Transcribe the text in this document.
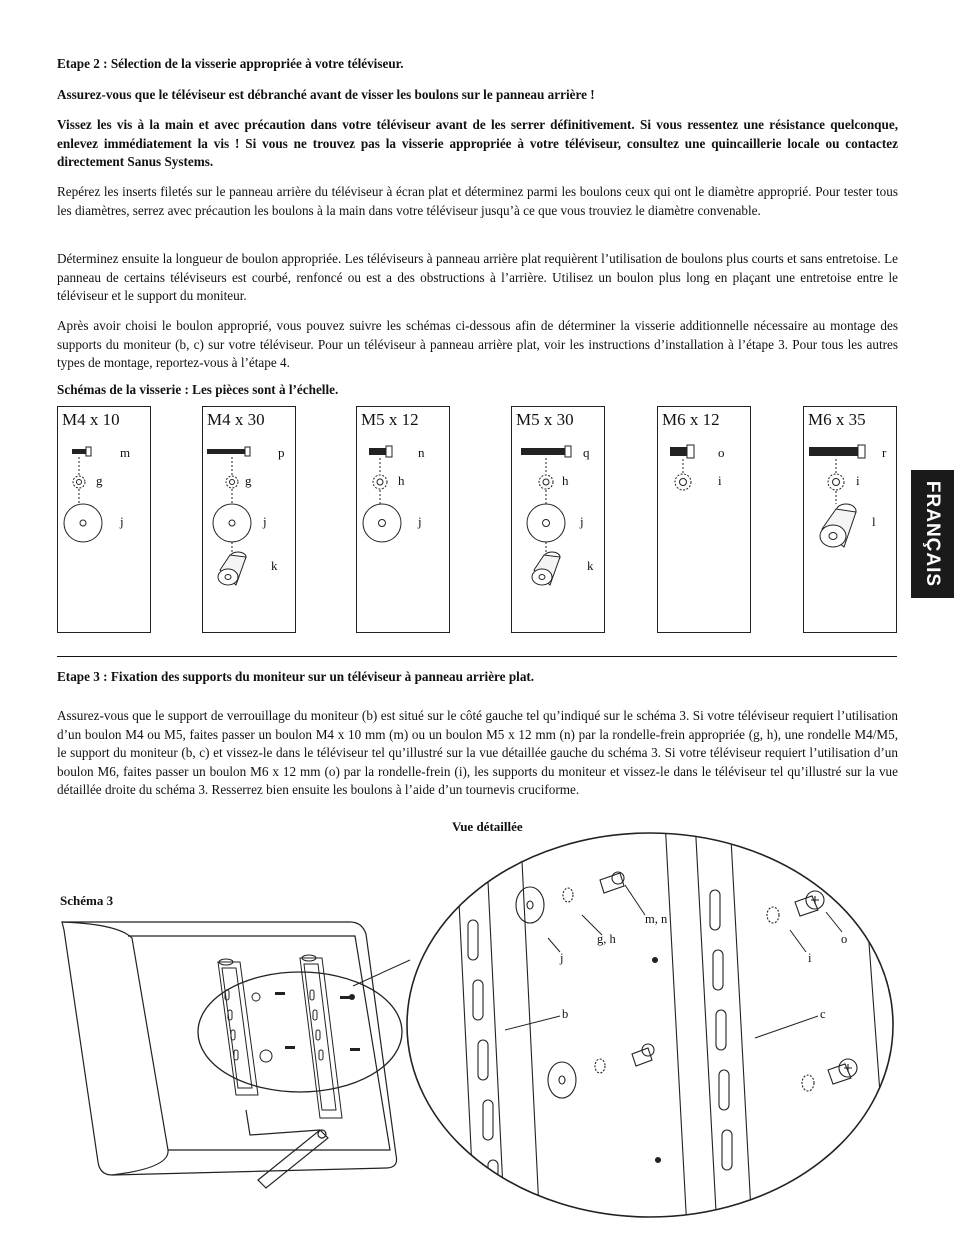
Etape 2 : Sélection de la visserie appropriée à votre téléviseur.

Assurez-vous que le téléviseur est débranché avant de visser les boulons sur le panneau arrière !

Vissez les vis à la main et avec précaution dans votre téléviseur avant de les serrer définitivement. Si vous ressentez une résistance quelconque, enlevez immédiatement la vis ! Si vous ne trouvez pas la visserie appropriée à votre téléviseur, consultez une quincaillerie locale ou contactez directement Sanus Systems.

Repérez les inserts filetés sur le panneau arrière du téléviseur à écran plat et déterminez parmi les boulons ceux qui ont le diamètre approprié. Pour tester tous les diamètres, serrez avec précaution les boulons à la main dans votre téléviseur jusqu’à ce que vous trouviez le diamètre convenable.

Déterminez ensuite la longueur de boulon appropriée. Les téléviseurs à panneau arrière plat requièrent l’utilisation de boulons plus courts et sans entretoise. Le panneau de certains téléviseurs est courbé, renfoncé ou est a des obstructions à l’arrière. Utilisez un boulon plus long en plaçant une entretoise entre le téléviseur et le support du moniteur.

Après avoir choisi le boulon approprié, vous pouvez suivre les schémas ci-dessous afin de déterminer la visserie additionnelle nécessaire au montage des supports du moniteur (b, c) sur votre téléviseur. Pour un téléviseur à panneau arrière plat, voir les instructions d’installation à l’étape 3. Pour tous les autres types de montage, reportez-vous à l’étape 4.

Schémas de la visserie : Les pièces sont à l’échelle.

FRANÇAIS
M4 x 10
m
g
j
M4 x 30
p
g
j
k
M5 x 12
n
h
j
M5 x 30
q
h
j
k
M6 x 12
o
i
M6 x 35
r
i
l

Etape 3 : Fixation des supports du moniteur sur un téléviseur à panneau arrière plat.

Assurez-vous que le support de verrouillage du moniteur (b) est situé sur le côté gauche tel qu’indiqué sur le schéma 3. Si votre téléviseur requiert l’utilisation d’un boulon M4 ou M5, faites passer un boulon M4 x 10 mm (m) ou un boulon M5 x 12 mm (n) par la rondelle-frein appropriée (g, h), une rondelle M4/M5, le support du moniteur (b, c) et vissez-le dans le téléviseur tel qu’illustré sur la vue détaillée gauche du schéma 3. Si votre téléviseur requiert l’utilisation d’un boulon M6, faites passer un boulon M6 x 12 mm (o) par la rondelle-frein (i), les supports du moniteur et vissez-le dans le téléviseur tel qu’illustré sur la vue détaillée droite du schéma 3. Resserrez bien ensuite les boulons à l’aide d’un tournevis cruciforme.

Vue détaillée
Schéma 3
m, n
g, h
j	i
o
b	c
